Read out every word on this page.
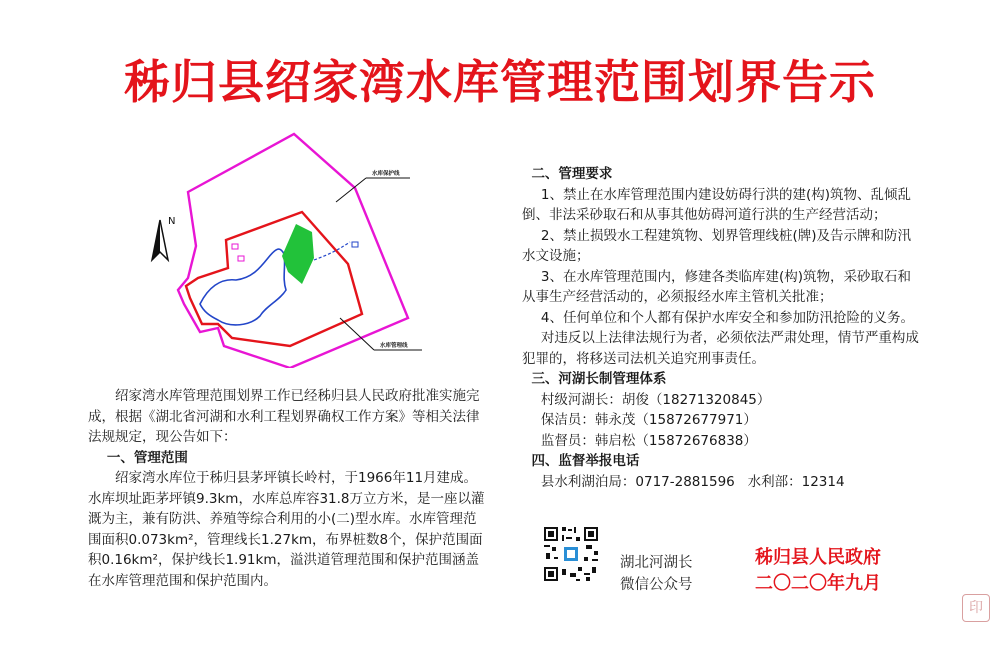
秭归县绍家湾水库管理范围划界告示
N
水库保护线
水库管理线

绍家湾水库管理范围划界工作已经秭归县人民政府批准实施完成，根据《湖北省河湖和水利工程划界确权工作方案》等相关法律法规规定，现公告如下：

一、管理范围

绍家湾水库位于秭归县茅坪镇长岭村，于1966年11月建成。水库坝址距茅坪镇9.3km，水库总库容31.8万立方米，是一座以灌溉为主，兼有防洪、养殖等综合利用的小(二)型水库。水库管理范围面积0.073km²，管理线长1.27km，布界桩数8个，保护范围面积0.16km²，保护线长1.91km，溢洪道管理范围和保护范围涵盖在水库管理范围和保护范围内。

二、管理要求

1、禁止在水库管理范围内建设妨碍行洪的建(构)筑物、乱倾乱倒、非法采砂取石和从事其他妨碍河道行洪的生产经营活动；

2、禁止损毁水工程建筑物、划界管理线桩(牌)及告示牌和防汛水文设施；

3、在水库管理范围内，修建各类临库建(构)筑物，采砂取石和从事生产经营活动的，必须报经水库主管机关批准；

4、任何单位和个人都有保护水库安全和参加防汛抢险的义务。

对违反以上法律法规行为者，必须依法严肃处理，情节严重构成犯罪的，将移送司法机关追究刑事责任。

三、河湖长制管理体系

村级河湖长：胡俊（18271320845）

保洁员：韩永茂（15872677971）

监督员：韩启松（15872676838）

四、监督举报电话

县水利湖泊局：0717-2881596   水利部：12314

湖北河湖长
微信公众号
秭归县人民政府
二〇二〇年九月
印
